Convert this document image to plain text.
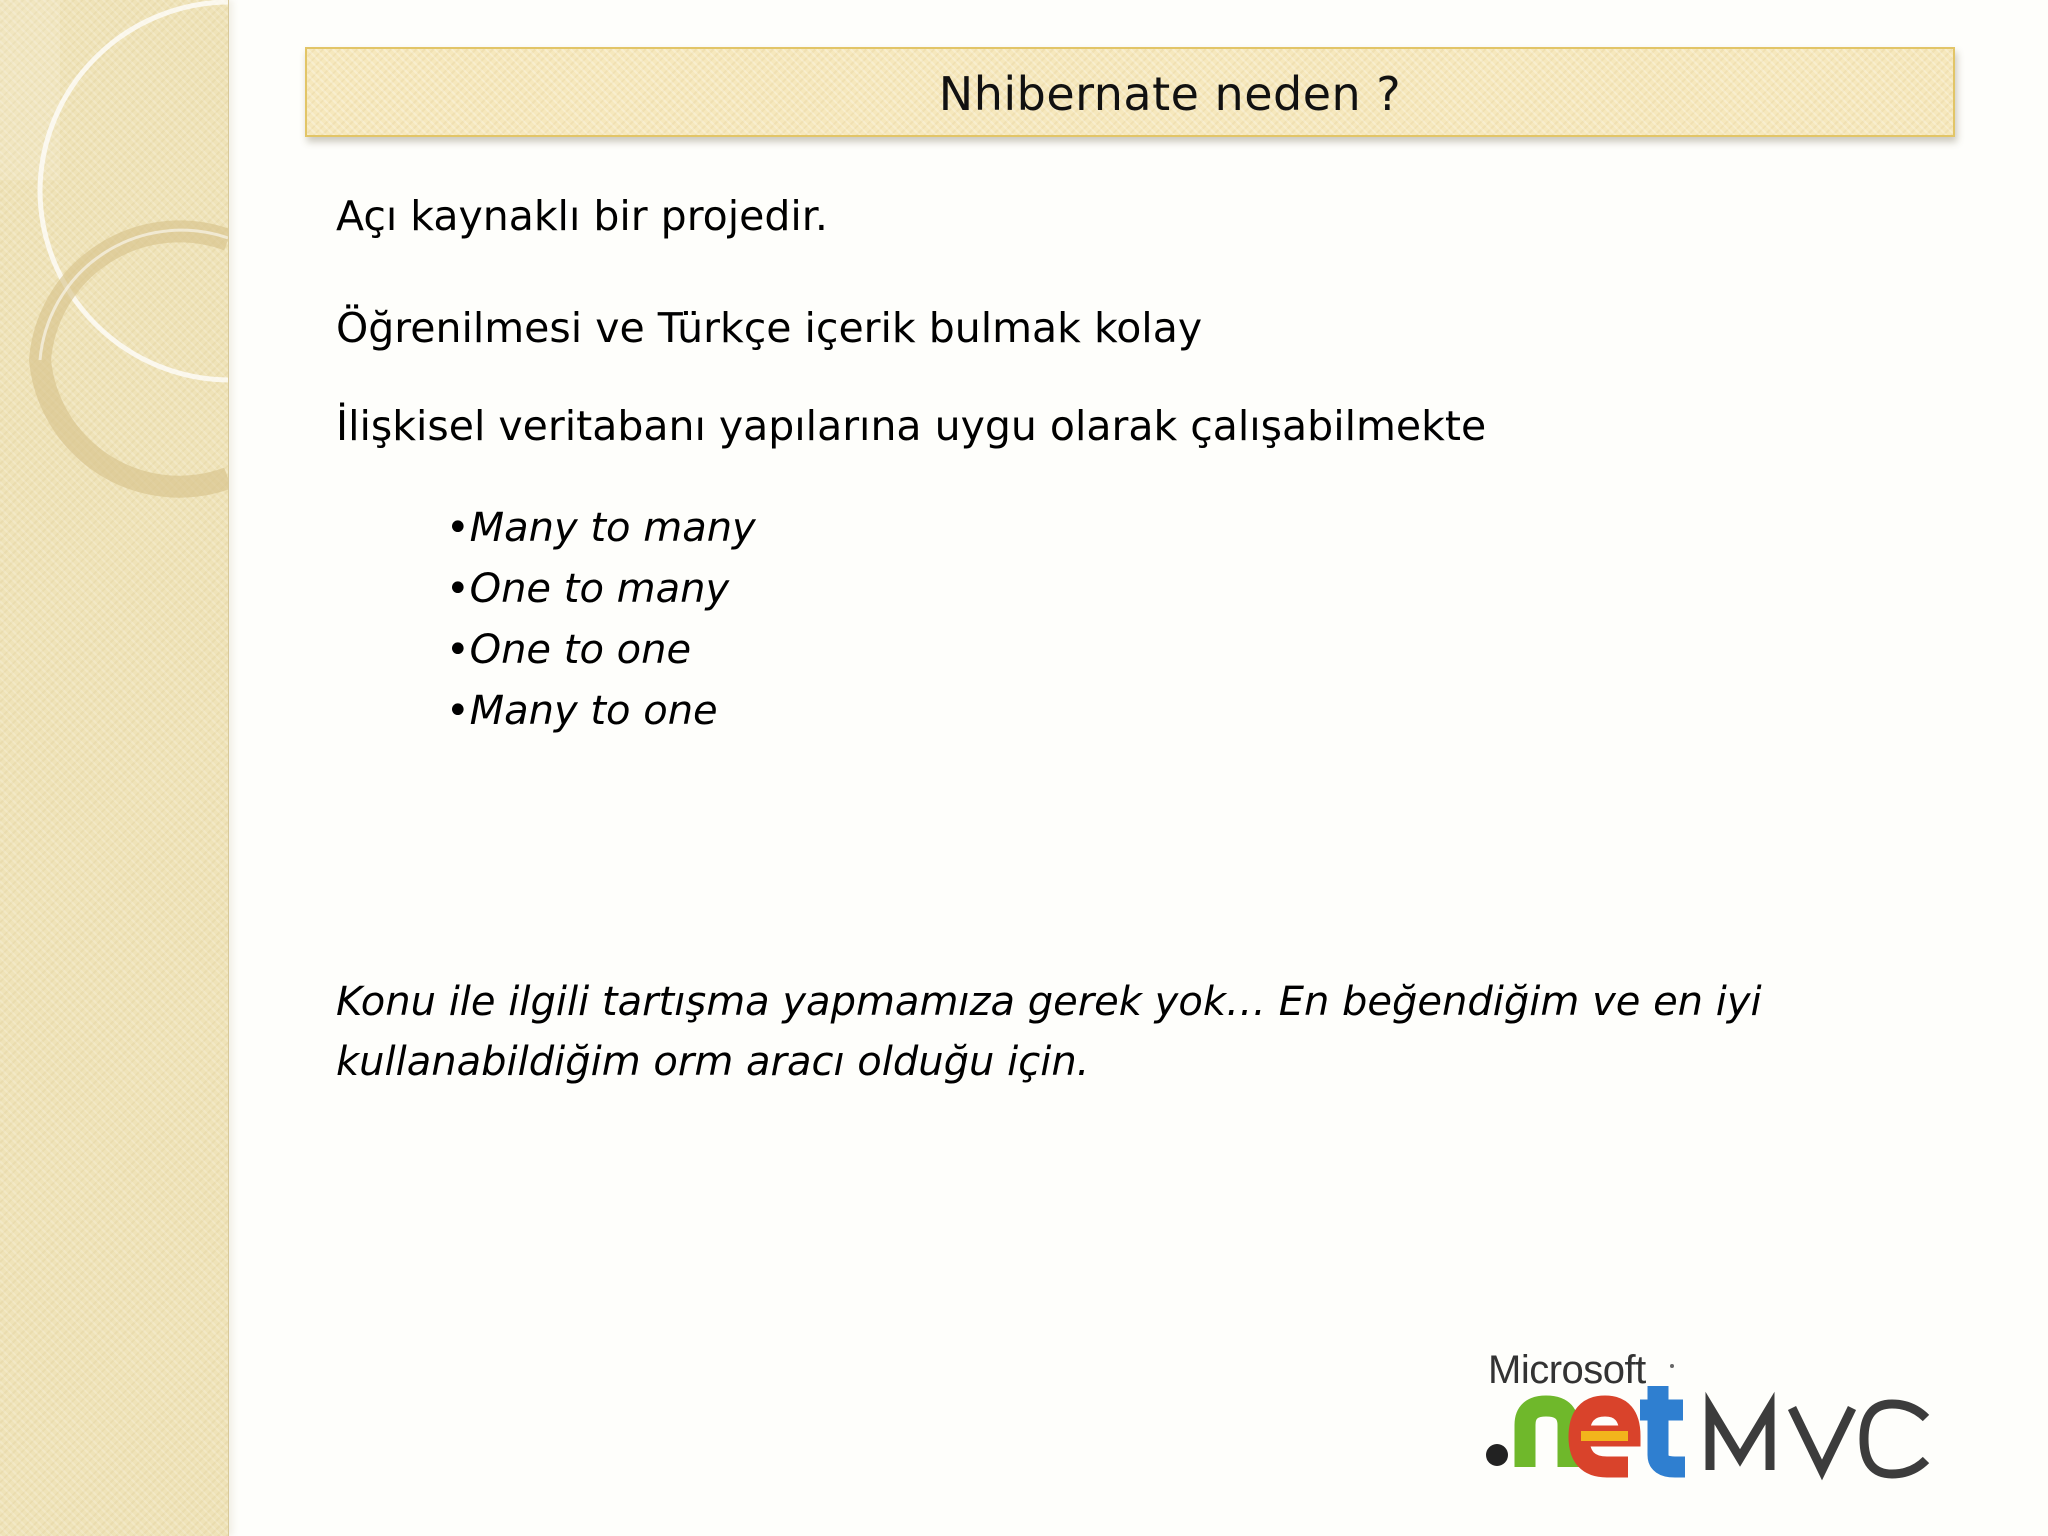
Nhibernate neden ?
Açı kaynaklı bir projedir.
Öğrenilmesi ve Türkçe içerik bulmak kolay
İlişkisel veritabanı yapılarına uygu olarak çalışabilmekte
•Many to many
•One to many
•One to one
•Many to one
Konu ile ilgili tartışma yapmamıza gerek yok… En beğendiğim ve en iyi kullanabildiğim orm aracı olduğu için.
Microsoft
